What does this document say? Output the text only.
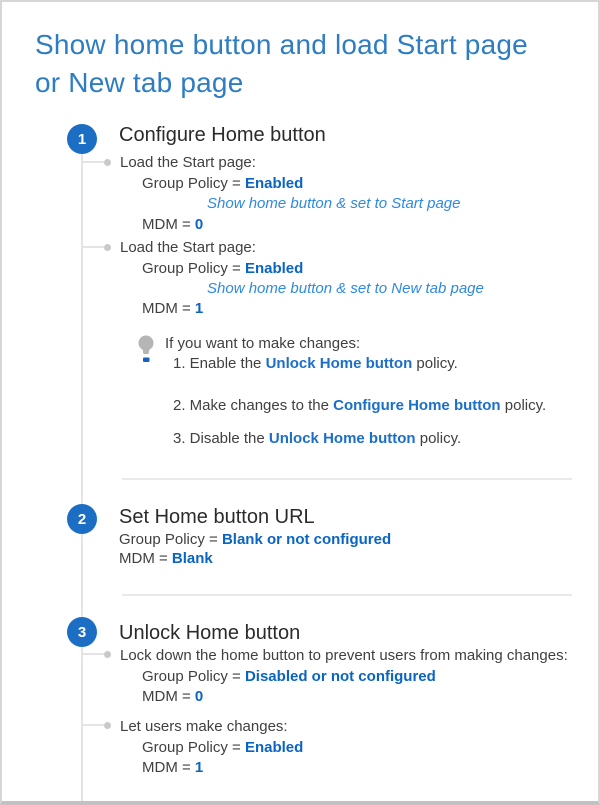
Show home button and load Start page
or New tab page
1 Configure Home button
Load the Start page:
Group Policy = Enabled
Show home button & set to Start page
MDM = 0
Load the Start page:
Group Policy = Enabled
Show home button & set to New tab page
MDM = 1
If you want to make changes:
1. Enable the Unlock Home button policy.
2. Make changes to the Configure Home button policy.
3. Disable the Unlock Home button policy.
2 Set Home button URL
Group Policy = Blank or not configured
MDM = Blank
3 Unlock Home button
Lock down the home button to prevent users from making changes:
Group Policy = Disabled or not configured
MDM = 0
Let users make changes:
Group Policy = Enabled
MDM = 1
